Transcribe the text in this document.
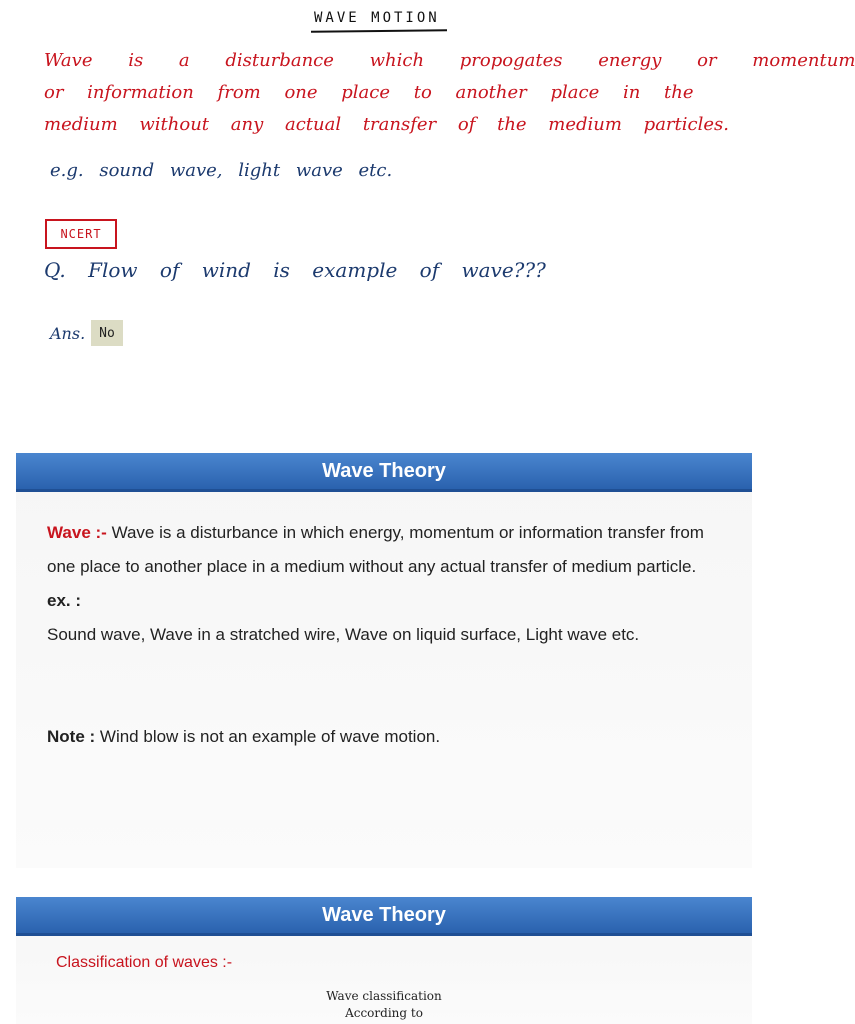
WAVE MOTION
Wave is a disturbance which propogates energy or momentum
or information from one place to another place in the
medium without any actual transfer of the medium particles.
e.g. sound wave, light wave etc.
NCERT
Q. Flow of wind is example of wave???
Ans.	No
Wave Theory

Wave :- Wave is a disturbance in which energy, momentum or information transfer from one place to another place in a medium without any actual transfer of medium particle.

ex. :

Sound wave, Wave in a stratched wire, Wave on liquid surface, Light wave etc.

Note : Wind blow is not an example of wave motion.

Wave Theory
Classification of waves :-
Wave classification
According to
